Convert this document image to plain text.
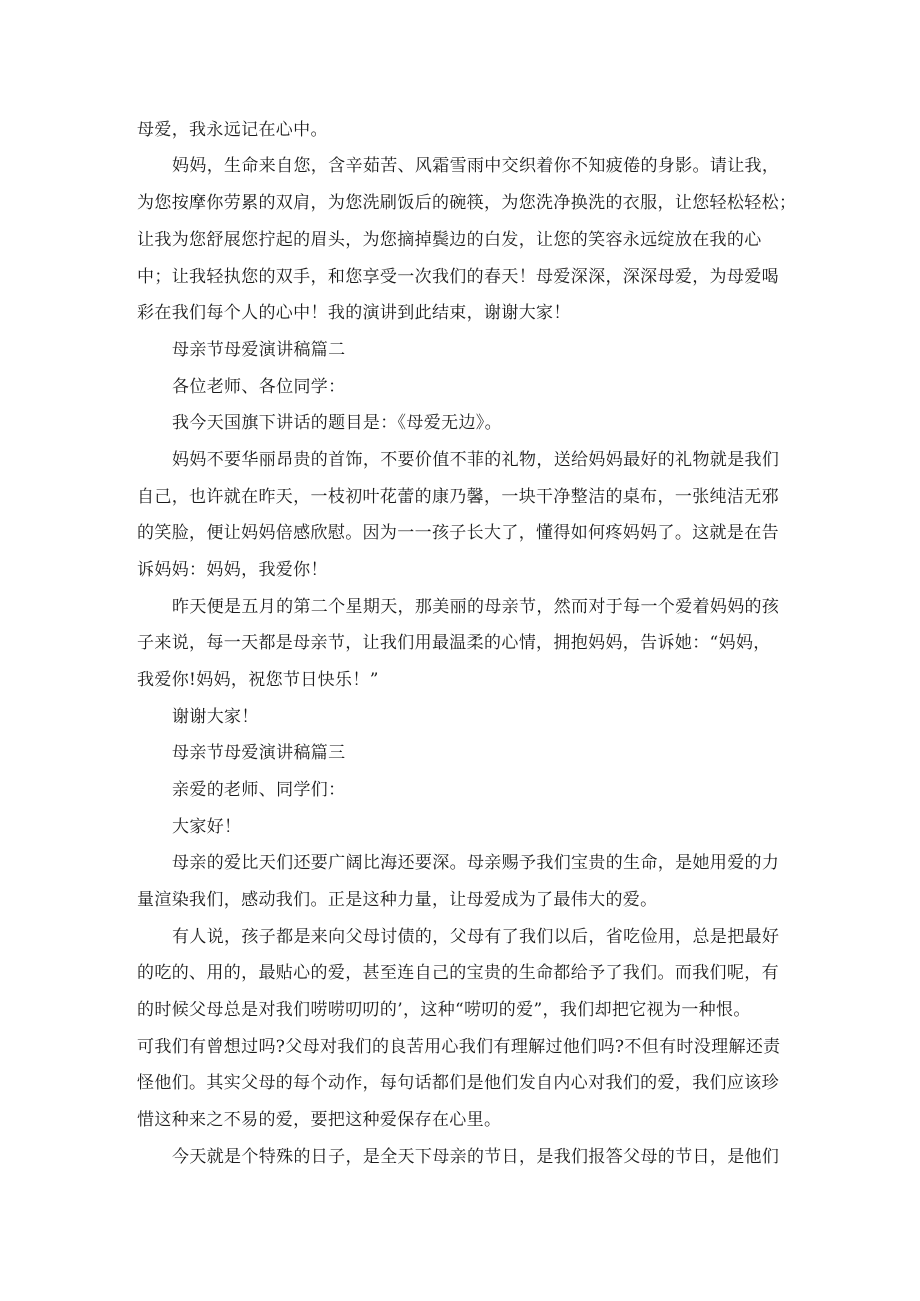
母爱，我永远记在心中。

妈妈，生命来自您，含辛茹苦、风霜雪雨中交织着你不知疲倦的身影。请让我，

为您按摩你劳累的双肩，为您洗刷饭后的碗筷，为您洗净换洗的衣服，让您轻松轻松；

让我为您舒展您拧起的眉头，为您摘掉鬓边的白发，让您的笑容永远绽放在我的心

中；让我轻执您的双手，和您享受一次我们的春天！母爱深深，深深母爱，为母爱喝

彩在我们每个人的心中！我的演讲到此结束，谢谢大家！

母亲节母爱演讲稿篇二

各位老师、各位同学：

我今天国旗下讲话的题目是：《母爱无边》。

妈妈不要华丽昂贵的首饰，不要价值不菲的礼物，送给妈妈最好的礼物就是我们

自己，也许就在昨天，一枝初叶花蕾的康乃馨，一块干净整洁的桌布，一张纯洁无邪

的笑脸，便让妈妈倍感欣慰。因为一一孩子长大了，懂得如何疼妈妈了。这就是在告

诉妈妈：妈妈，我爱你！

昨天便是五月的第二个星期天，那美丽的母亲节，然而对于每一个爱着妈妈的孩

子来说，每一天都是母亲节，让我们用最温柔的心情，拥抱妈妈，告诉她：“妈妈，

我爱你!妈妈，祝您节日快乐！”

谢谢大家！

母亲节母爱演讲稿篇三

亲爱的老师、同学们：

大家好！

母亲的爱比天们还要广阔比海还要深。母亲赐予我们宝贵的生命，是她用爱的力

量渲染我们，感动我们。正是这种力量，让母爱成为了最伟大的爱。

有人说，孩子都是来向父母讨债的，父母有了我们以后，省吃俭用，总是把最好

的吃的、用的，最贴心的爱，甚至连自己的宝贵的生命都给予了我们。而我们呢，有

的时候父母总是对我们唠唠叨叨的’，这种“唠叨的爱”，我们却把它视为一种恨。

可我们有曾想过吗?父母对我们的良苦用心我们有理解过他们吗?不但有时没理解还责

怪他们。其实父母的每个动作，每句话都们是他们发自内心对我们的爱，我们应该珍

惜这种来之不易的爱，要把这种爱保存在心里。

今天就是个特殊的日子，是全天下母亲的节日，是我们报答父母的节日，是他们
